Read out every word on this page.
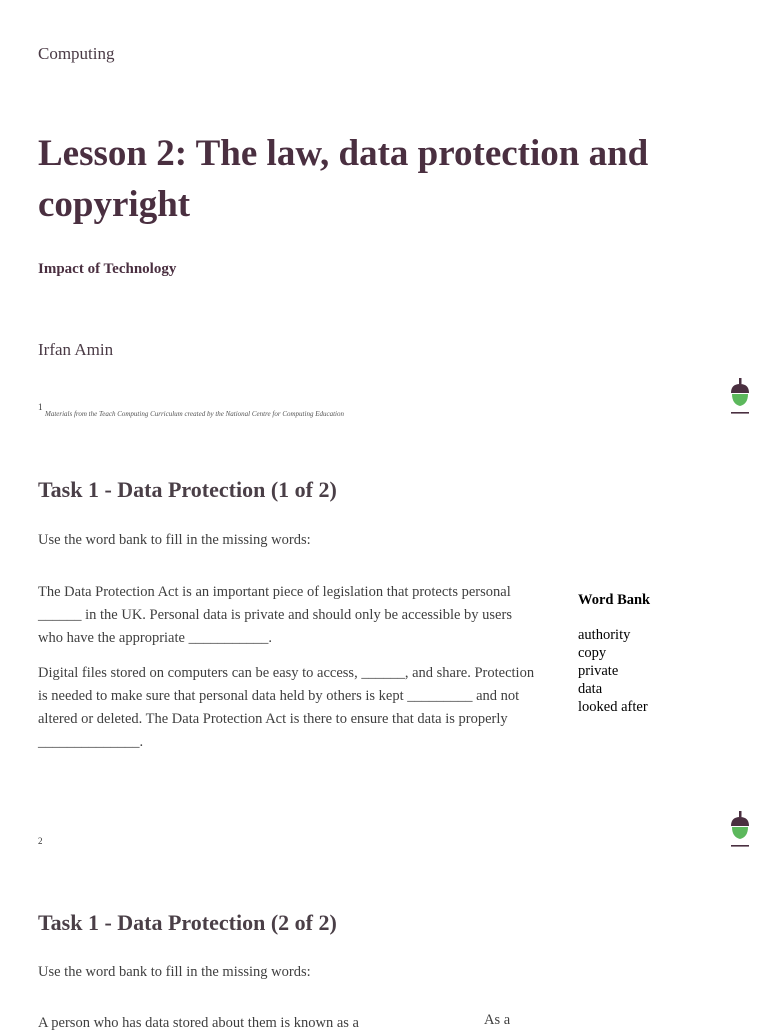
Computing
Lesson 2: The law, data protection and copyright
Impact of Technology
Irfan Amin
1
Materials from the Teach Computing Curriculum created by the National Centre for Computing Education
Task 1 - Data Protection (1 of 2)
Use the word bank to fill in the missing words:
The Data Protection Act is an important piece of legislation that protects personal ______ in the UK. Personal data is private and should only be accessible by users who have the appropriate ___________.
Digital files stored on computers can be easy to access, ______, and share. Protection is needed to make sure that personal data held by others is kept _________ and not altered or deleted. The Data Protection Act is there to ensure that data is properly ______________.
Word Bank
authority
copy
private
data
looked after
2
Task 1 - Data Protection (2 of 2)
Use the word bank to fill in the missing words:
A person who has data stored about them is known as a	As a
